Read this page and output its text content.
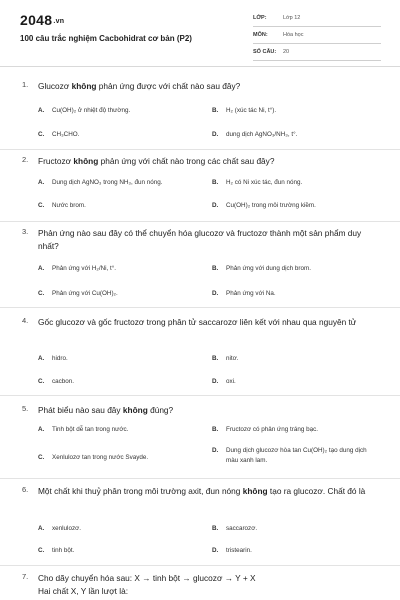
2048.vn
100 câu trắc nghiệm Cacbohidrat cơ bản (P2)
LỚP:	Lớp 12
MÔN:	Hóa học
SỐ CÂU:	20
1.	Glucozơ không phản ứng được với chất nào sau đây?
A.	Cu(OH)₂ ở nhiệt độ thường.	B.	H₂ (xúc tác Ni, t°).
C.	CH₃CHO.	D.	dung dịch AgNO₃/NH₃, t°.
2.	Fructozơ không phản ứng với chất nào trong các chất sau đây?
A.	Dung dịch AgNO₃ trong NH₃, đun nóng.	B.	H₂ có Ni xúc tác, đun nóng.
C.	Nước brom.	D.	Cu(OH)₂ trong môi trường kiềm.
3.	Phản ứng nào sau đây có thể chuyển hóa glucozơ và fructozơ thành một sản phẩm duy nhất?
A.	Phản ứng với H₂/Ni, t°.	B.	Phản ứng với dung dịch brom.
C.	Phản ứng với Cu(OH)₂.	D.	Phản ứng với Na.
4.	Gốc glucozơ và gốc fructozơ trong phân tử saccarozơ liên kết với nhau qua nguyên tử
A.	hidro.	B.	nitơ.
C.	cacbon.	D.	oxi.
5.	Phát biểu nào sau đây không đúng?
A.	Tinh bột dễ tan trong nước.	B.	Fructozơ có phản ứng tráng bạc.
C.	Xenlulozơ tan trong nước Svayde.
D.	Dung dịch glucozơ hòa tan Cu(OH)₂ tạo dung dịch màu xanh lam.
6.	Một chất khi thuỷ phân trong môi trường axit, đun nóng không tạo ra glucozơ. Chất đó là
A.	xenlulozơ.	B.	saccarozơ.
C.	tinh bột.	D.	tristearin.
7.	Cho dãy chuyển hóa sau: X → tinh bột → glucozơ → Y + X
Hai chất X, Y lần lượt là:
